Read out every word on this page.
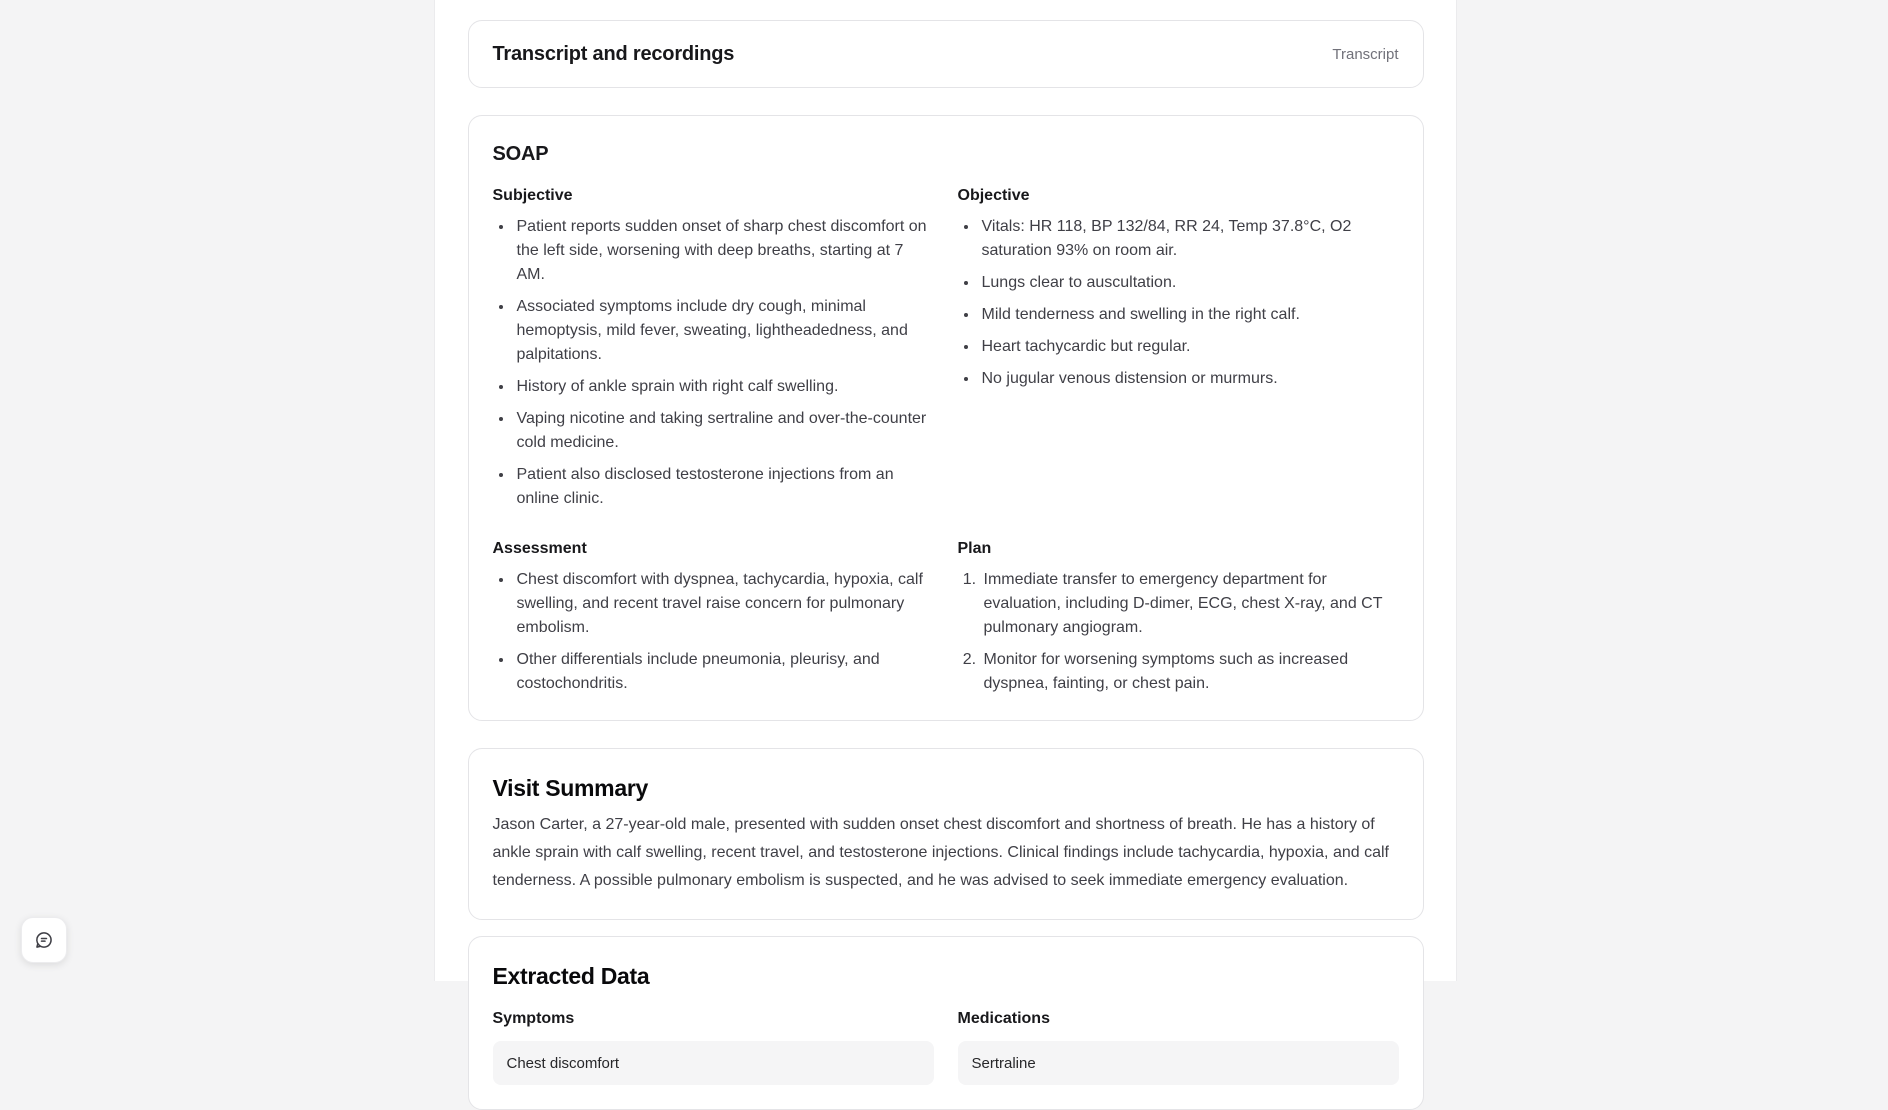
Transcript and recordings	Transcript
SOAP
Subjective
• Patient reports sudden onset of sharp chest discomfort on the left side, worsening with deep breaths, starting at 7 AM.
• Associated symptoms include dry cough, minimal hemoptysis, mild fever, sweating, lightheadedness, and palpitations.
• History of ankle sprain with right calf swelling.
• Vaping nicotine and taking sertraline and over-the-counter cold medicine.
• Patient also disclosed testosterone injections from an online clinic.
Objective
• Vitals: HR 118, BP 132/84, RR 24, Temp 37.8°C, O2 saturation 93% on room air.
• Lungs clear to auscultation.
• Mild tenderness and swelling in the right calf.
• Heart tachycardic but regular.
• No jugular venous distension or murmurs.
Assessment
• Chest discomfort with dyspnea, tachycardia, hypoxia, calf swelling, and recent travel raise concern for pulmonary embolism.
• Other differentials include pneumonia, pleurisy, and costochondritis.
Plan
1. Immediate transfer to emergency department for evaluation, including D-dimer, ECG, chest X-ray, and CT pulmonary angiogram.
2. Monitor for worsening symptoms such as increased dyspnea, fainting, or chest pain.
Visit Summary

Jason Carter, a 27-year-old male, presented with sudden onset chest discomfort and shortness of breath. He has a history of ankle sprain with calf swelling, recent travel, and testosterone injections. Clinical findings include tachycardia, hypoxia, and calf tenderness. A possible pulmonary embolism is suspected, and he was advised to seek immediate emergency evaluation.

Extracted Data
Symptoms
Chest discomfort
Medications
Sertraline
